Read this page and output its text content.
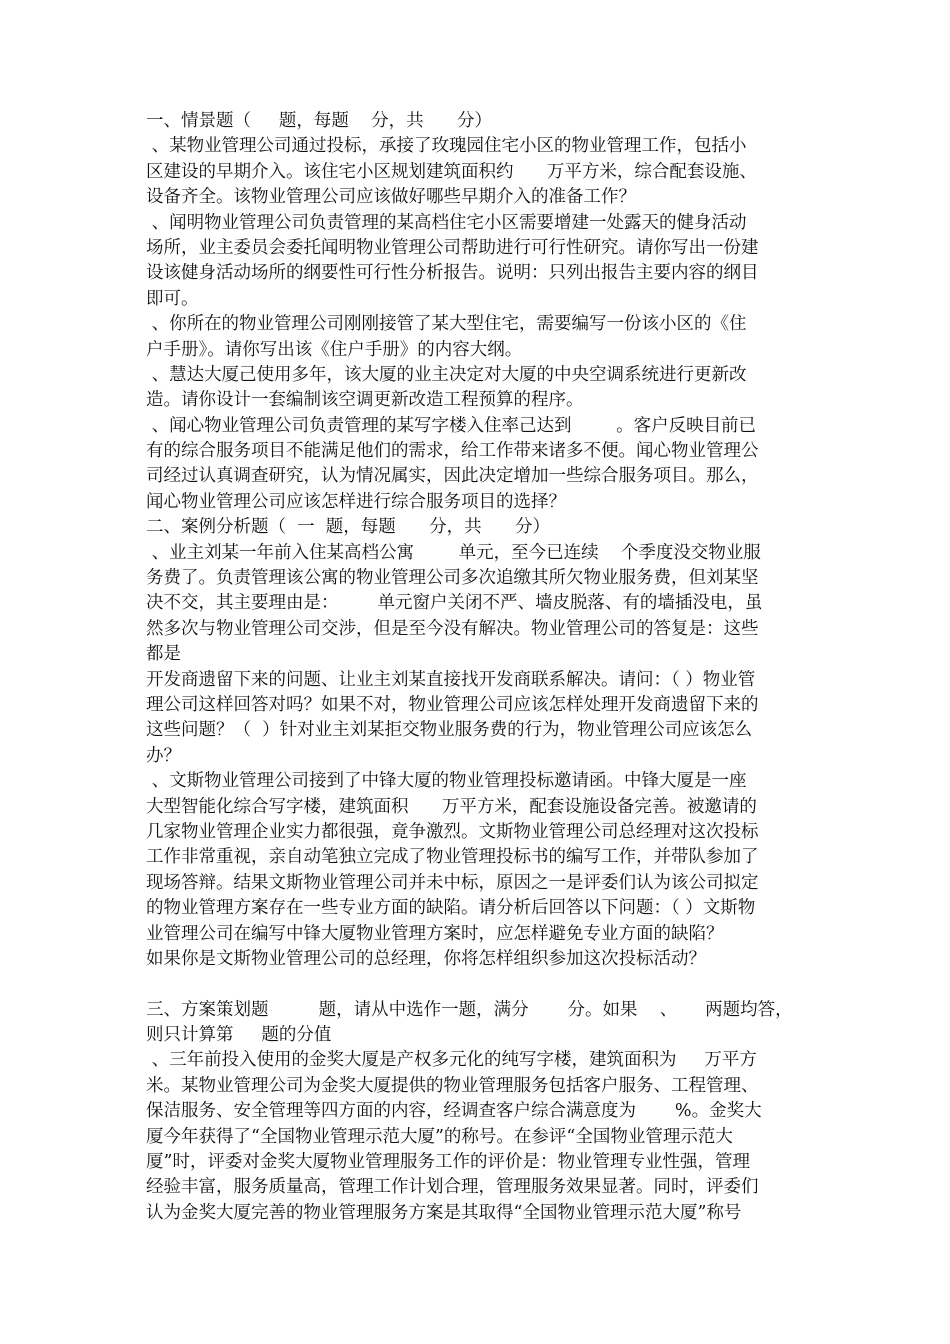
一、情景题（     题，每题    分，共      分）
、某物业管理公司通过投标，承接了玫瑰园住宅小区的物业管理工作，包括小
区建设的早期介入。该住宅小区规划建筑面积约      万平方米，综合配套设施、
设备齐全。该物业管理公司应该做好哪些早期介入的准备工作？
、闻明物业管理公司负责管理的某高档住宅小区需要增建一处露天的健身活动
场所，业主委员会委托闻明物业管理公司帮助进行可行性研究。请你写出一份建
设该健身活动场所的纲要性可行性分析报告。说明：只列出报告主要内容的纲目
即可。
、你所在的物业管理公司刚刚接管了某大型住宅，需要编写一份该小区的《住
户手册》。请你写出该《住户手册》的内容大纲。
、慧达大厦己使用多年，该大厦的业主决定对大厦的中央空调系统进行更新改
造。请你设计一套编制该空调更新改造工程预算的程序。
、闻心物业管理公司负责管理的某写字楼入住率己达到        。客户反映目前已
有的综合服务项目不能满足他们的需求，给工作带来诸多不便。闻心物业管理公
司经过认真调查研究，认为情况属实，因此决定增加一些综合服务项目。那么，
闻心物业管理公司应该怎样进行综合服务项目的选择？
二、案例分析题（  一  题，每题      分，共      分）
、业主刘某一年前入住某高档公寓        单元，至今已连续    个季度没交物业服
务费了。负责管理该公寓的物业管理公司多次追缴其所欠物业服务费，但刘某坚
决不交，其主要理由是：       单元窗户关闭不严、墙皮脱落、有的墙插没电，虽
然多次与物业管理公司交涉，但是至今没有解决。物业管理公司的答复是：这些
都是
开发商遗留下来的问题、让业主刘某直接找开发商联系解决。请问：（ ）物业管
理公司这样回答对吗？如果不对，物业管理公司应该怎样处理开发商遗留下来的
这些问题？（  ）针对业主刘某拒交物业服务费的行为，物业管理公司应该怎么
办？
、文斯物业管理公司接到了中锋大厦的物业管理投标邀请函。中锋大厦是一座
大型智能化综合写字楼，建筑面积      万平方米，配套设施设备完善。被邀请的
几家物业管理企业实力都很强，竟争激烈。文斯物业管理公司总经理对这次投标
工作非常重视，亲自动笔独立完成了物业管理投标书的编写工作，并带队参加了
现场答辩。结果文斯物业管理公司并未中标，原因之一是评委们认为该公司拟定
的物业管理方案存在一些专业方面的缺陷。请分析后回答以下问题：（ ）文斯物
业管理公司在编写中锋大厦物业管理方案时，应怎样避免专业方面的缺陷？
如果你是文斯物业管理公司的总经理，你将怎样组织参加这次投标活动？
三、方案策划题         题，请从中选作一题，满分       分。如果    、     两题均答，
则只计算第     题的分值
、三年前投入使用的金奖大厦是产权多元化的纯写字楼，建筑面积为     万平方
米。某物业管理公司为金奖大厦提供的物业管理服务包括客户服务、工程管理、
保洁服务、安全管理等四方面的内容，经调查客户综合满意度为       %。金奖大
厦今年获得了“全国物业管理示范大厦”的称号。在参评“全国物业管理示范大
厦”时，评委对金奖大厦物业管理服务工作的评价是：物业管理专业性强，管理
经验丰富，服务质量高，管理工作计划合理，管理服务效果显著。同时，评委们
认为金奖大厦完善的物业管理服务方案是其取得“全国物业管理示范大厦”称号
